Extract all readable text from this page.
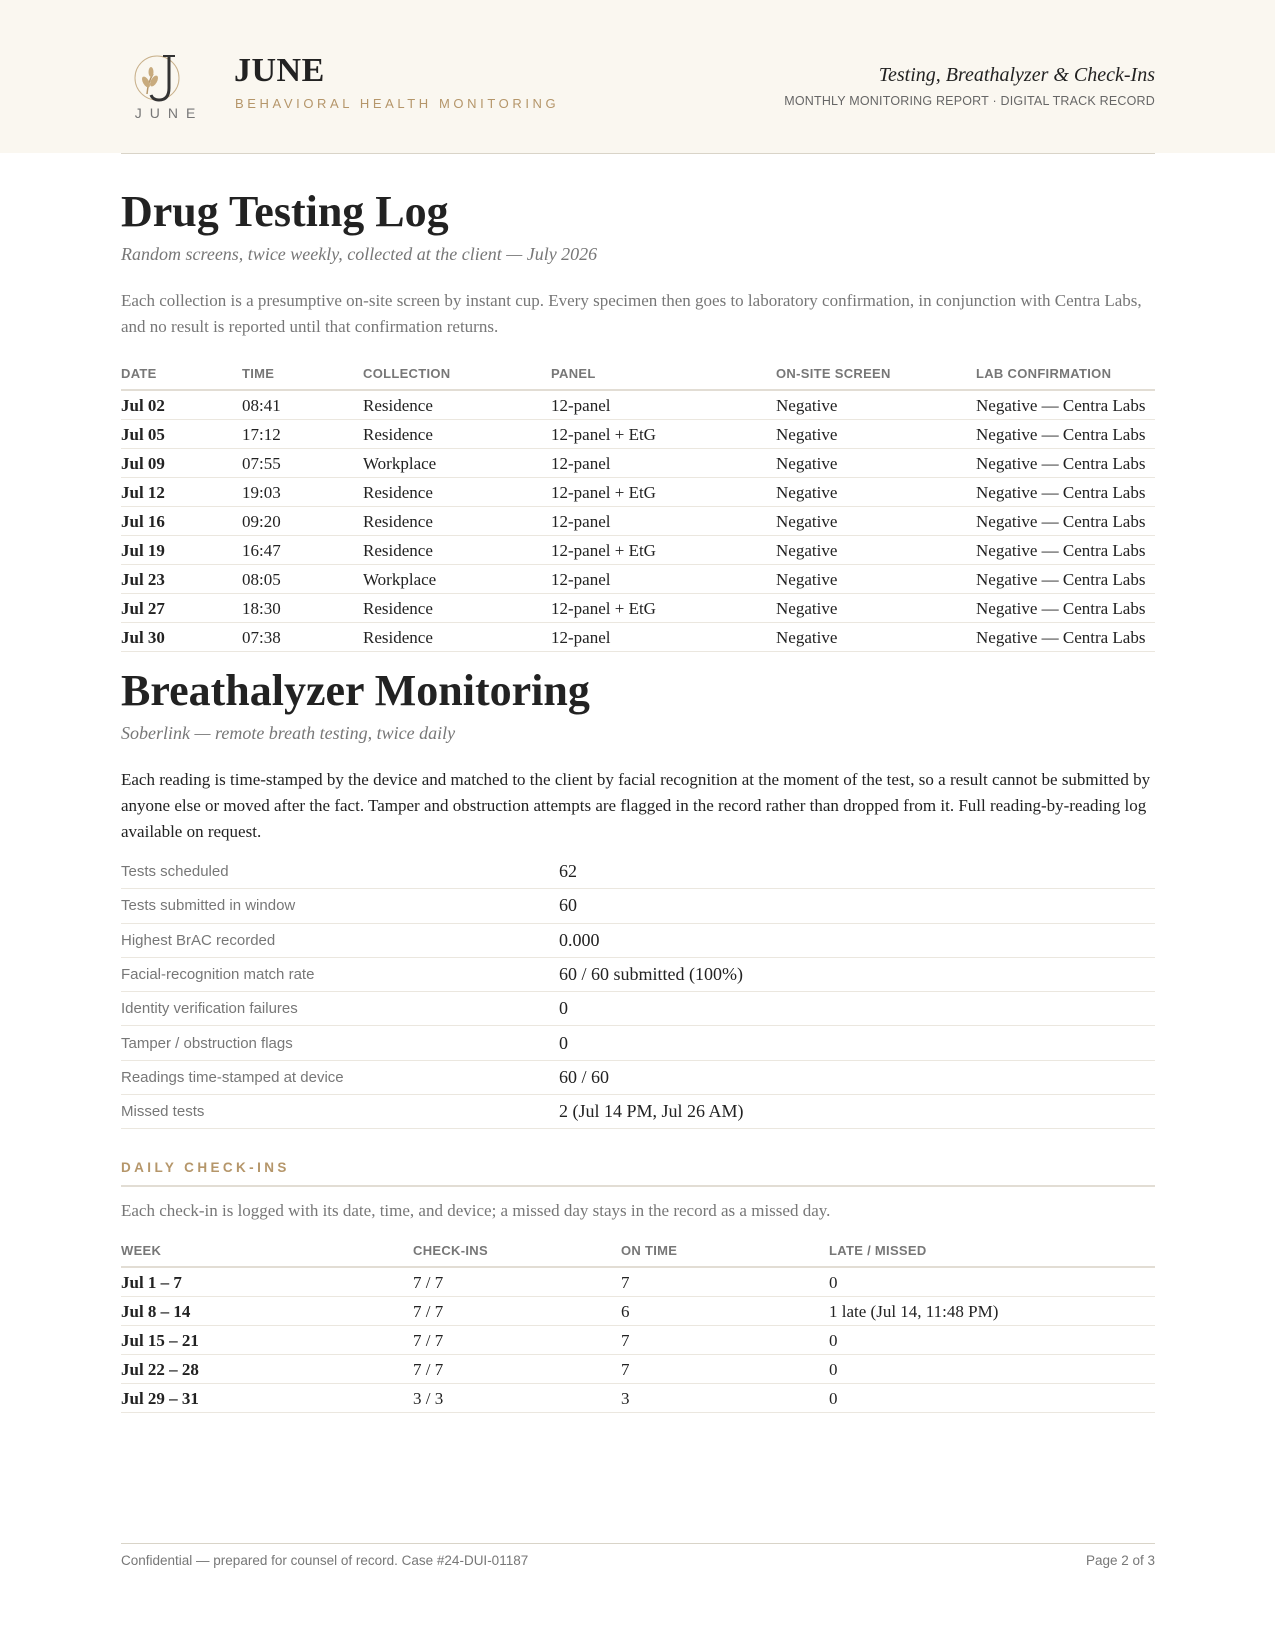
JUNE
JUNE
BEHAVIORAL HEALTH MONITORING
Testing, Breathalyzer & Check-Ins
MONTHLY MONITORING REPORT · DIGITAL TRACK RECORD
Drug Testing Log
Random screens, twice weekly, collected at the client — July 2026

Each collection is a presumptive on-site screen by instant cup. Every specimen then goes to laboratory confirmation, in conjunction with Centra Labs, and no result is reported until that confirmation returns.

DATE	TIME	COLLECTION	PANEL	ON-SITE SCREEN	LAB CONFIRMATION
Jul 02	08:41	Residence	12-panel	Negative	Negative — Centra Labs
Jul 05	17:12	Residence	12-panel + EtG	Negative	Negative — Centra Labs
Jul 09	07:55	Workplace	12-panel	Negative	Negative — Centra Labs
Jul 12	19:03	Residence	12-panel + EtG	Negative	Negative — Centra Labs
Jul 16	09:20	Residence	12-panel	Negative	Negative — Centra Labs
Jul 19	16:47	Residence	12-panel + EtG	Negative	Negative — Centra Labs
Jul 23	08:05	Workplace	12-panel	Negative	Negative — Centra Labs
Jul 27	18:30	Residence	12-panel + EtG	Negative	Negative — Centra Labs
Jul 30	07:38	Residence	12-panel	Negative	Negative — Centra Labs
Breathalyzer Monitoring
Soberlink — remote breath testing, twice daily

Each reading is time-stamped by the device and matched to the client by facial recognition at the moment of the test, so a result cannot be submitted by anyone else or moved after the fact. Tamper and obstruction attempts are flagged in the record rather than dropped from it. Full reading-by-reading log available on request.

Tests scheduled	62
Tests submitted in window	60
Highest BrAC recorded	0.000
Facial-recognition match rate	60 / 60 submitted (100%)
Identity verification failures	0
Tamper / obstruction flags	0
Readings time-stamped at device	60 / 60
Missed tests	2 (Jul 14 PM, Jul 26 AM)
DAILY CHECK-INS

Each check-in is logged with its date, time, and device; a missed day stays in the record as a missed day.

WEEK	CHECK-INS	ON TIME	LATE / MISSED
Jul 1 – 7	7 / 7	7	0
Jul 8 – 14	7 / 7	6	1 late (Jul 14, 11:48 PM)
Jul 15 – 21	7 / 7	7	0
Jul 22 – 28	7 / 7	7	0
Jul 29 – 31	3 / 3	3	0
Confidential — prepared for counsel of record. Case #24-DUI-01187	Page 2 of 3
